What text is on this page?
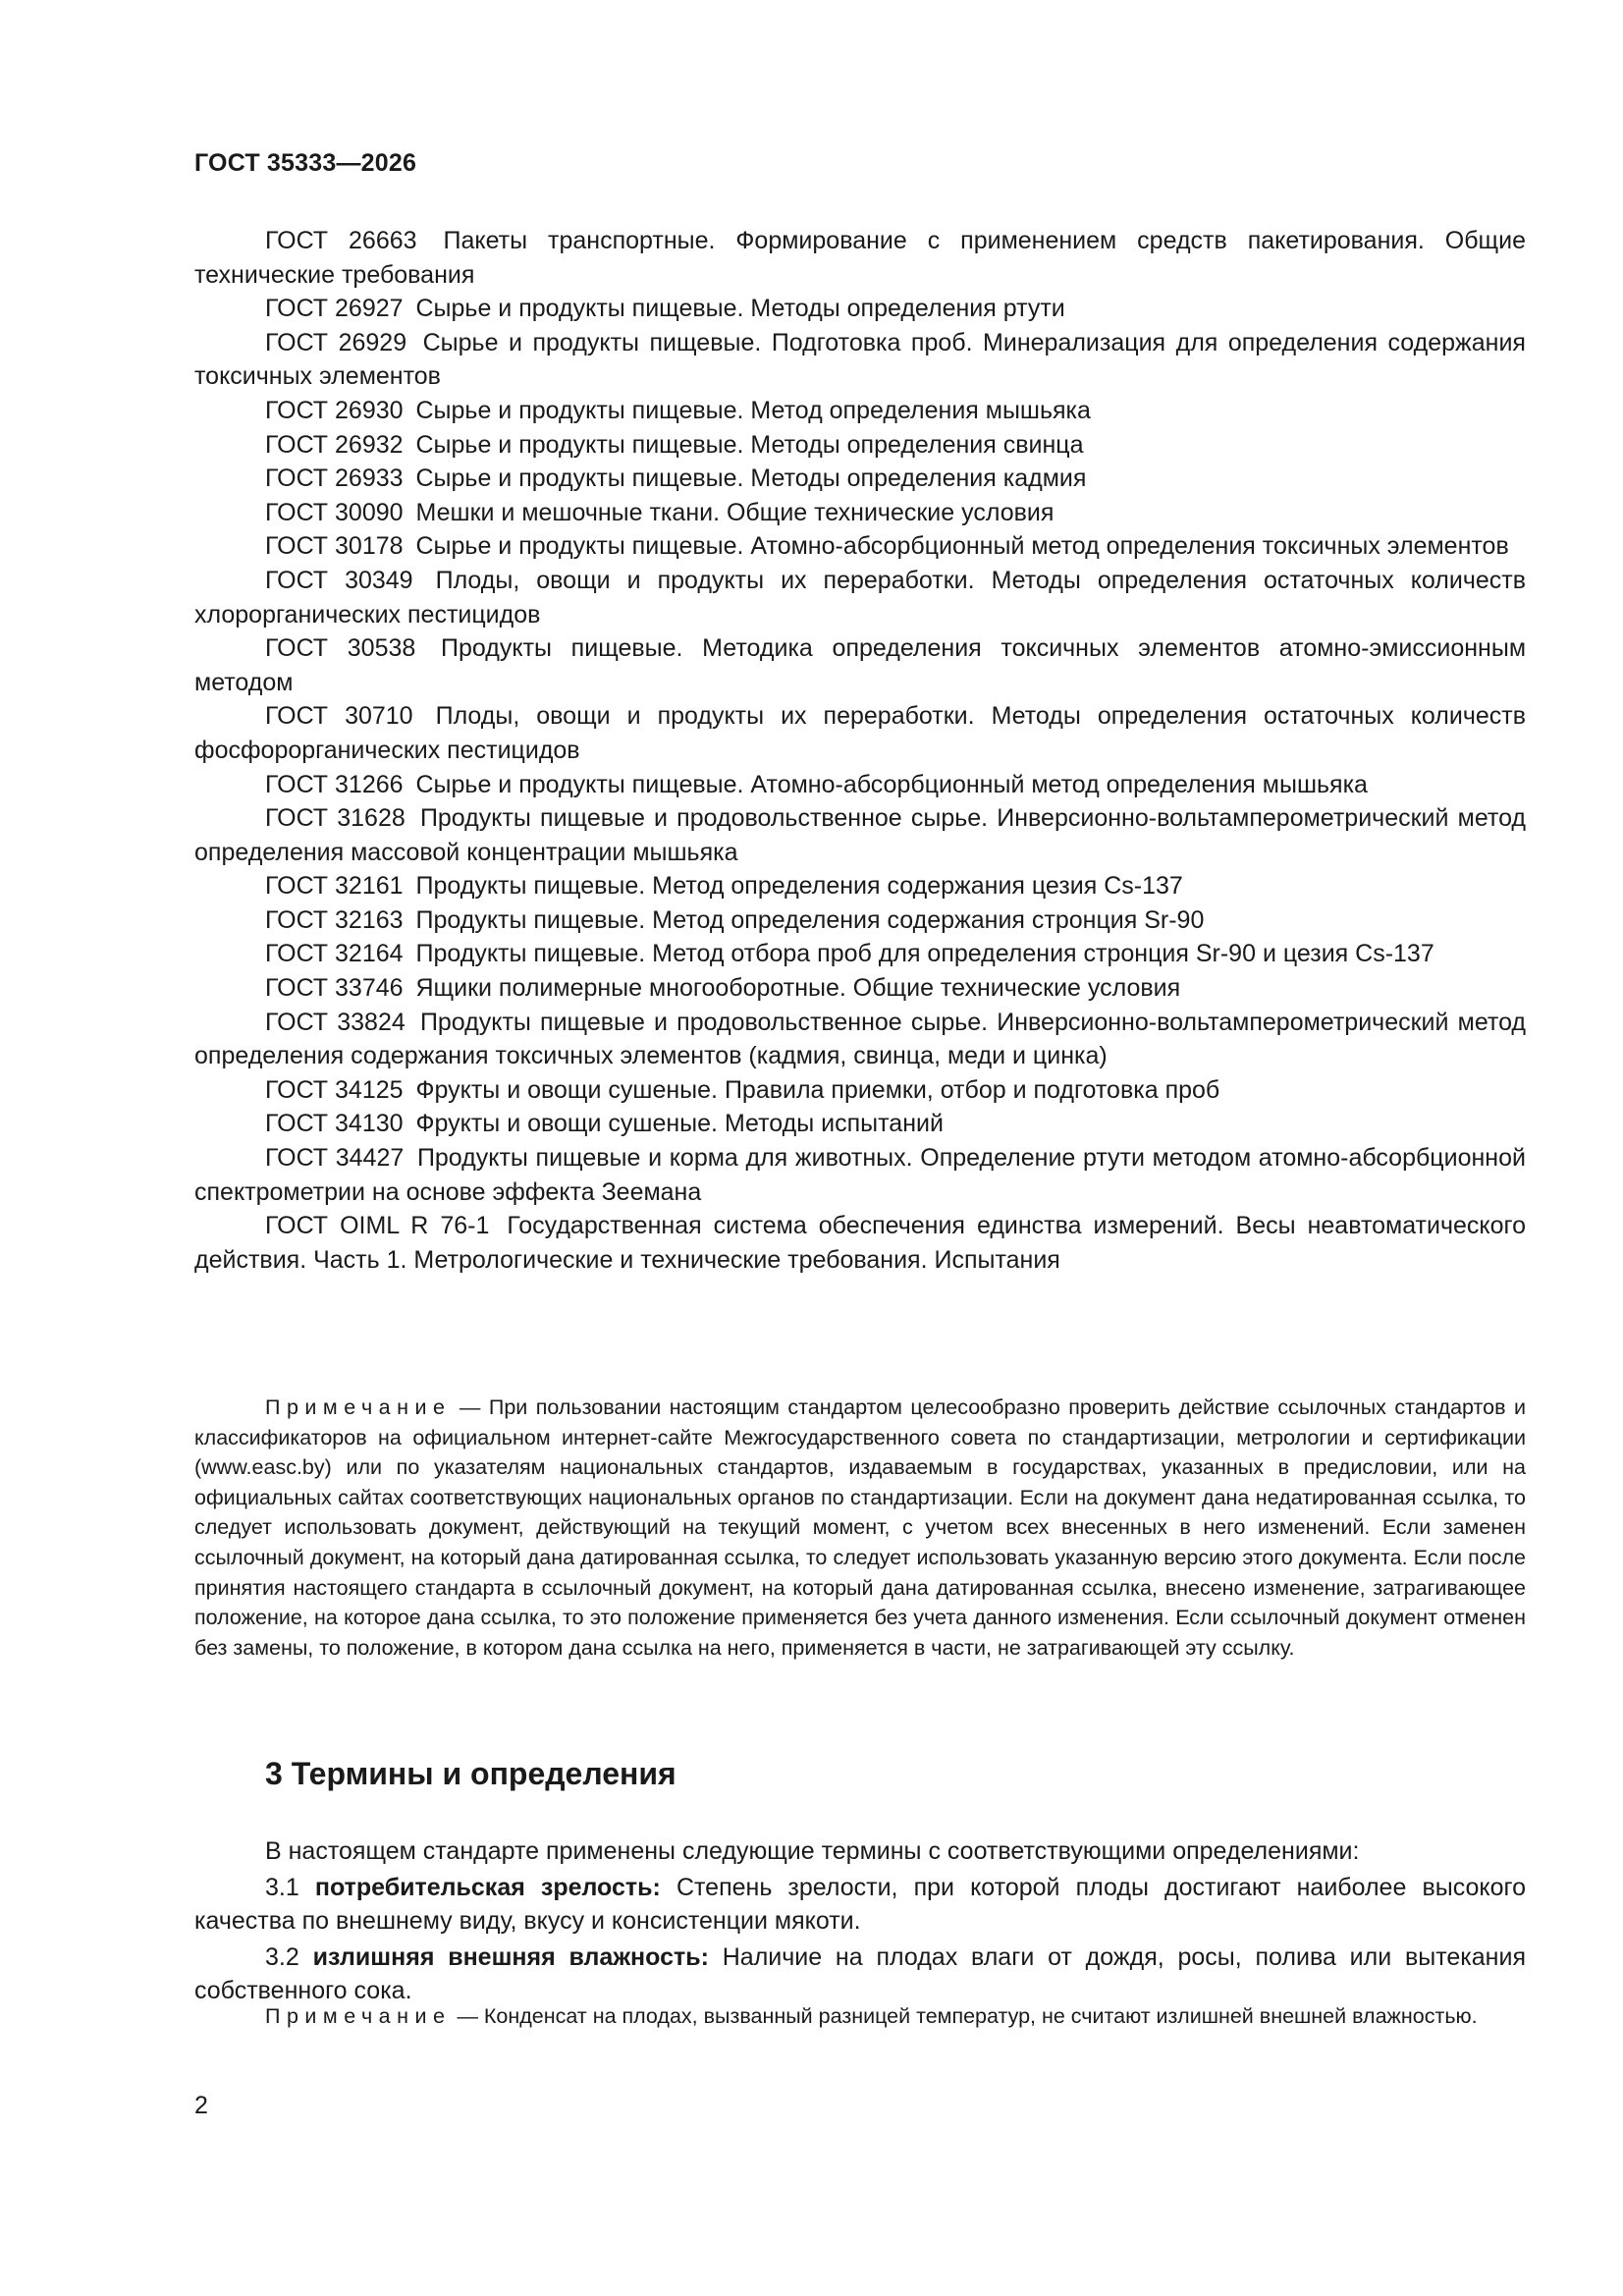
ГОСТ 35333—2026

ГОСТ 26663 Пакеты транспортные. Формирование с применением средств пакетирования. Общие технические требования

ГОСТ 26927 Сырье и продукты пищевые. Методы определения ртути

ГОСТ 26929 Сырье и продукты пищевые. Подготовка проб. Минерализация для определения содержания токсичных элементов

ГОСТ 26930 Сырье и продукты пищевые. Метод определения мышьяка

ГОСТ 26932 Сырье и продукты пищевые. Методы определения свинца

ГОСТ 26933 Сырье и продукты пищевые. Методы определения кадмия

ГОСТ 30090 Мешки и мешочные ткани. Общие технические условия

ГОСТ 30178 Сырье и продукты пищевые. Атомно-абсорбционный метод определения токсичных элементов

ГОСТ 30349 Плоды, овощи и продукты их переработки. Методы определения остаточных количеств хлорорганических пестицидов

ГОСТ 30538 Продукты пищевые. Методика определения токсичных элементов атомно-эмиссионным методом

ГОСТ 30710 Плоды, овощи и продукты их переработки. Методы определения остаточных количеств фосфорорганических пестицидов

ГОСТ 31266 Сырье и продукты пищевые. Атомно-абсорбционный метод определения мышьяка

ГОСТ 31628 Продукты пищевые и продовольственное сырье. Инверсионно-вольтамперометрический метод определения массовой концентрации мышьяка

ГОСТ 32161 Продукты пищевые. Метод определения содержания цезия Cs-137

ГОСТ 32163 Продукты пищевые. Метод определения содержания стронция Sr-90

ГОСТ 32164 Продукты пищевые. Метод отбора проб для определения стронция Sr-90 и цезия Cs-137

ГОСТ 33746 Ящики полимерные многооборотные. Общие технические условия

ГОСТ 33824 Продукты пищевые и продовольственное сырье. Инверсионно-вольтамперометрический метод определения содержания токсичных элементов (кадмия, свинца, меди и цинка)

ГОСТ 34125 Фрукты и овощи сушеные. Правила приемки, отбор и подготовка проб

ГОСТ 34130 Фрукты и овощи сушеные. Методы испытаний

ГОСТ 34427 Продукты пищевые и корма для животных. Определение ртути методом атомно-абсорбционной спектрометрии на основе эффекта Зеемана

ГОСТ OIML R 76-1 Государственная система обеспечения единства измерений. Весы неавтоматического действия. Часть 1. Метрологические и технические требования. Испытания

Примечание — При пользовании настоящим стандартом целесообразно проверить действие ссылочных стандартов и классификаторов на официальном интернет-сайте Межгосударственного совета по стандартизации, метрологии и сертификации (www.easc.by) или по указателям национальных стандартов, издаваемым в государствах, указанных в предисловии, или на официальных сайтах соответствующих национальных органов по стандартизации. Если на документ дана недатированная ссылка, то следует использовать документ, действующий на текущий момент, с учетом всех внесенных в него изменений. Если заменен ссылочный документ, на который дана датированная ссылка, то следует использовать указанную версию этого документа. Если после принятия настоящего стандарта в ссылочный документ, на который дана датированная ссылка, внесено изменение, затрагивающее положение, на которое дана ссылка, то это положение применяется без учета данного изменения. Если ссылочный документ отменен без замены, то положение, в котором дана ссылка на него, применяется в части, не затрагивающей эту ссылку.

3 Термины и определения

В настоящем стандарте применены следующие термины с соответствующими определениями:

3.1 потребительская зрелость: Степень зрелости, при которой плоды достигают наиболее высокого качества по внешнему виду, вкусу и консистенции мякоти.

3.2 излишняя внешняя влажность: Наличие на плодах влаги от дождя, росы, полива или вытекания собственного сока.

Примечание — Конденсат на плодах, вызванный разницей температур, не считают излишней внешней влажностью.

2
